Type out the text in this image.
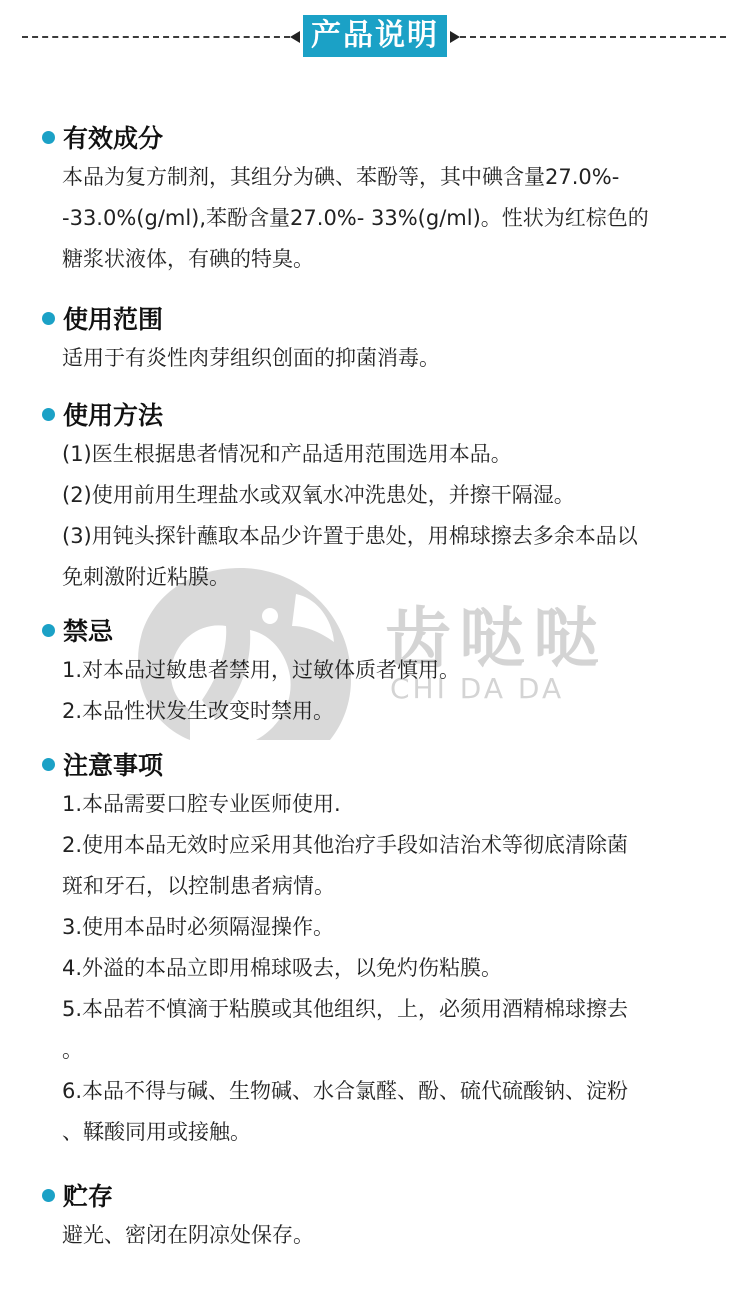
产品说明
齿哒哒
CHI DA DA
有效成分
本品为复方制剂，其组分为碘、苯酚等，其中碘含量27.0%-
-33.0%(g/ml),苯酚含量27.0%- 33%(g/ml)。性状为红棕色的
糖浆状液体，有碘的特臭。
使用范围
适用于有炎性肉芽组织创面的抑菌消毒。
使用方法
(1)医生根据患者情况和产品适用范围选用本品。
(2)使用前用生理盐水或双氧水冲洗患处，并擦干隔湿。
(3)用钝头探针蘸取本品少许置于患处，用棉球擦去多余本品以
免刺激附近粘膜。
禁忌
1.对本品过敏患者禁用，过敏体质者慎用。
2.本品性状发生改变时禁用。
注意事项
1.本品需要口腔专业医师使用.
2.使用本品无效时应采用其他治疗手段如洁治术等彻底清除菌
斑和牙石，以控制患者病情。
3.使用本品时必须隔湿操作。
4.外溢的本品立即用棉球吸去，以免灼伤粘膜。
5.本品若不慎滴于粘膜或其他组织，上，必须用酒精棉球擦去
。
6.本品不得与碱、生物碱、水合氯醛、酚、硫代硫酸钠、淀粉
、鞣酸同用或接触。
贮存
避光、密闭在阴凉处保存。
